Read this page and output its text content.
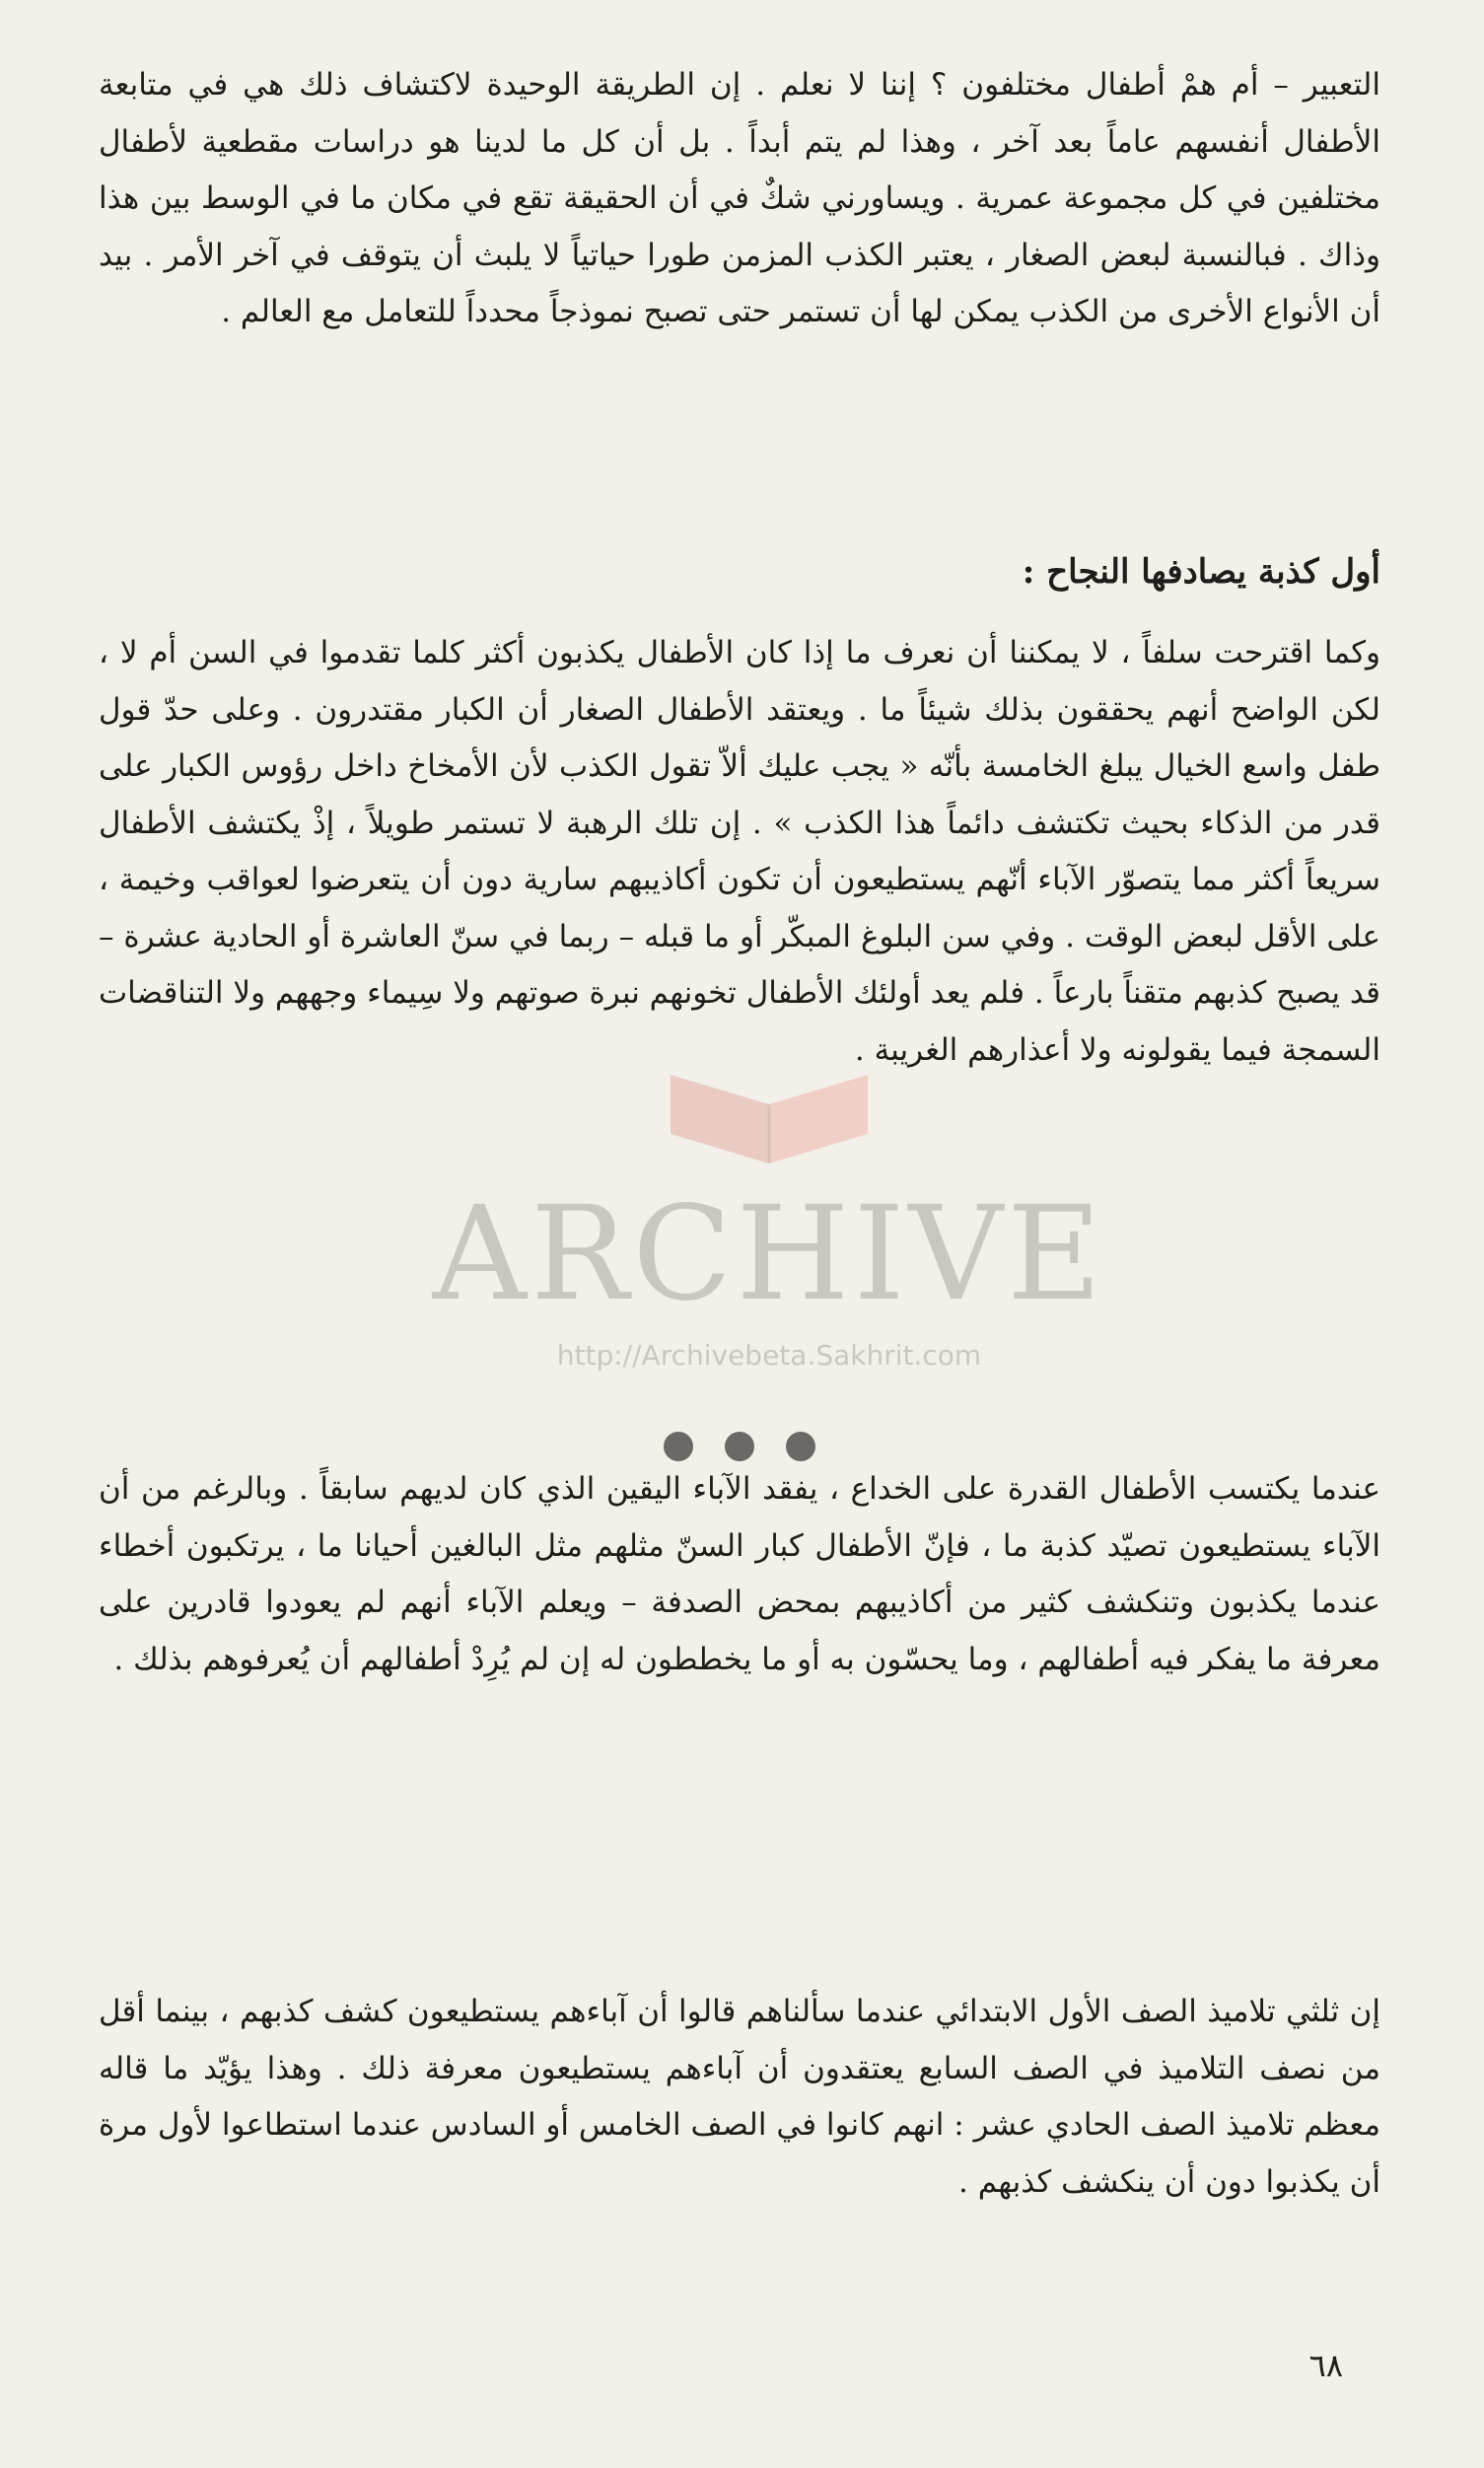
التعبير – أم همْ أطفال مختلفون ؟ إننا لا نعلم . إن الطريقة الوحيدة لاكتشاف ذلك هي في متابعة الأطفال أنفسهم عاماً بعد آخر ، وهذا لم يتم أبداً . بل أن كل ما لدينا هو دراسات مقطعية لأطفال مختلفين في كل مجموعة عمرية . ويساورني شكٌ في أن الحقيقة تقع في مكان ما في الوسط بين هذا وذاك . فبالنسبة لبعض الصغار ، يعتبر الكذب المزمن طورا حياتياً لا يلبث أن يتوقف في آخر الأمر . بيد أن الأنواع الأخرى من الكذب يمكن لها أن تستمر حتى تصبح نموذجاً محدداً للتعامل مع العالم .

أول كذبة يصادفها النجاح :

وكما اقترحت سلفاً ، لا يمكننا أن نعرف ما إذا كان الأطفال يكذبون أكثر كلما تقدموا في السن أم لا ، لكن الواضح أنهم يحققون بذلك شيئاً ما . ويعتقد الأطفال الصغار أن الكبار مقتدرون . وعلى حدّ قول طفل واسع الخيال يبلغ الخامسة بأنّه « يجب عليك ألاّ تقول الكذب لأن الأمخاخ داخل رؤوس الكبار على قدر من الذكاء بحيث تكتشف دائماً هذا الكذب » . إن تلك الرهبة لا تستمر طويلاً ، إذْ يكتشف الأطفال سريعاً أكثر مما يتصوّر الآباء أنّهم يستطيعون أن تكون أكاذيبهم سارية دون أن يتعرضوا لعواقب وخيمة ، على الأقل لبعض الوقت . وفي سن البلوغ المبكّر أو ما قبله – ربما في سنّ العاشرة أو الحادية عشرة – قد يصبح كذبهم متقناً بارعاً . فلم يعد أولئك الأطفال تخونهم نبرة صوتهم ولا سِيماء وجههم ولا التناقضات السمجة فيما يقولونه ولا أعذارهم الغريبة .

عندما يكتسب الأطفال القدرة على الخداع ، يفقد الآباء اليقين الذي كان لديهم سابقاً . وبالرغم من أن الآباء يستطيعون تصيّد كذبة ما ، فإنّ الأطفال كبار السنّ مثلهم مثل البالغين أحيانا ما ، يرتكبون أخطاء عندما يكذبون وتنكشف كثير من أكاذيبهم بمحض الصدفة – ويعلم الآباء أنهم لم يعودوا قادرين على معرفة ما يفكر فيه أطفالهم ، وما يحسّون به أو ما يخططون له إن لم يُرِدْ أطفالهم أن يُعرفوهم بذلك .

إن ثلثي تلاميذ الصف الأول الابتدائي عندما سألناهم قالوا أن آباءهم يستطيعون كشف كذبهم ، بينما أقل من نصف التلاميذ في الصف السابع يعتقدون أن آباءهم يستطيعون معرفة ذلك . وهذا يؤيّد ما قاله معظم تلاميذ الصف الحادي عشر : انهم كانوا في الصف الخامس أو السادس عندما استطاعوا لأول مرة أن يكذبوا دون أن ينكشف كذبهم .

٦٨
ARCHIVE
http://Archivebeta.Sakhrit.com
